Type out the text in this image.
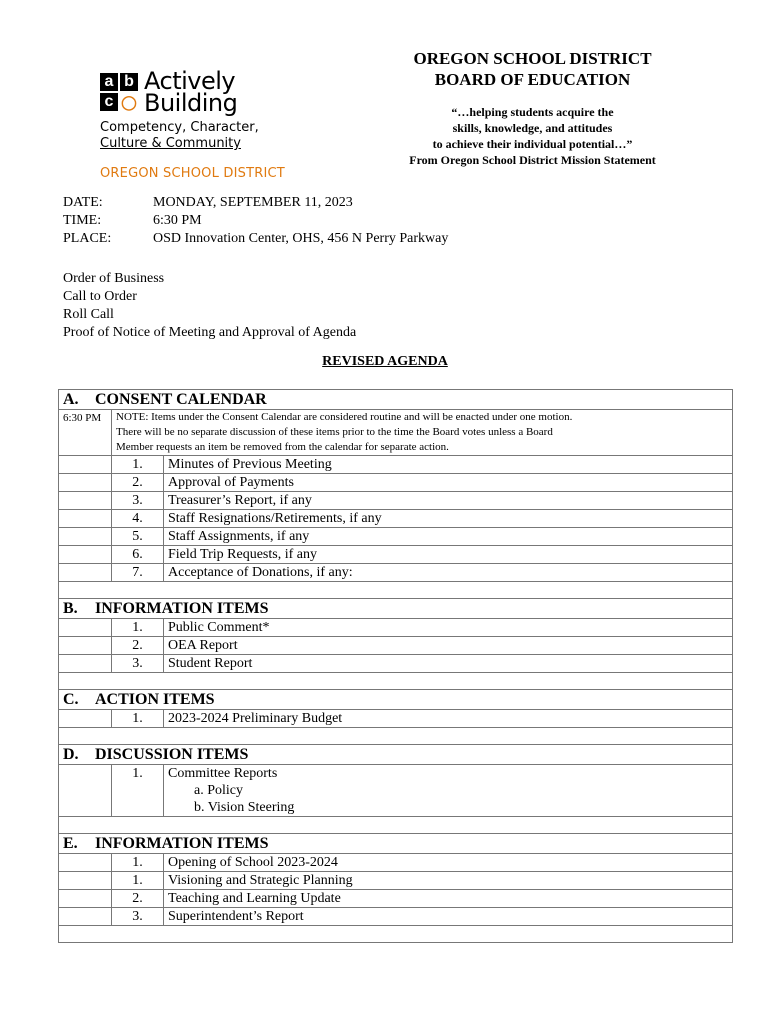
a b
c ◯
Actively
Building
Competency, Character,
Culture & Community
OREGON SCHOOL DISTRICT
OREGON SCHOOL DISTRICT
BOARD OF EDUCATION
“…helping students acquire the
skills, knowledge, and attitudes
to achieve their individual potential…”
From Oregon School District Mission Statement
DATE:	MONDAY, SEPTEMBER 11, 2023
TIME:	6:30 PM
PLACE:	OSD Innovation Center, OHS, 456 N Perry Parkway
Order of Business
Call to Order
Roll Call
Proof of Notice of Meeting and Approval of Agenda
REVISED AGENDA
A. CONSENT CALENDAR		
6:30 PM	NOTE: Items under the Consent Calendar are considered routine and will be enacted under one motion.
There will be no separate discussion of these items prior to the time the Board votes unless a Board
Member requests an item be removed from the calendar for separate action.	

	1.	Minutes of Previous Meeting
	2.	Approval of Payments
	3.	Treasurer’s Report, if any
	4.	Staff Resignations/Retirements, if any
	5.	Staff Assignments, if any
	6.	Field Trip Requests, if any
	7.	Acceptance of Donations, if any:

B. INFORMATION ITEMS		
	1.	Public Comment*
	2.	OEA Report
	3.	Student Report

C. ACTION ITEMS		
	1.	2023-2024 Preliminary Budget

D. DISCUSSION ITEMS		
	1.	Committee Reports
a. Policy
b. Vision Steering

E. INFORMATION ITEMS		
	1.	Opening of School 2023-2024
	1.	Visioning and Strategic Planning
	2.	Teaching and Learning Update
	3.	Superintendent’s Report
